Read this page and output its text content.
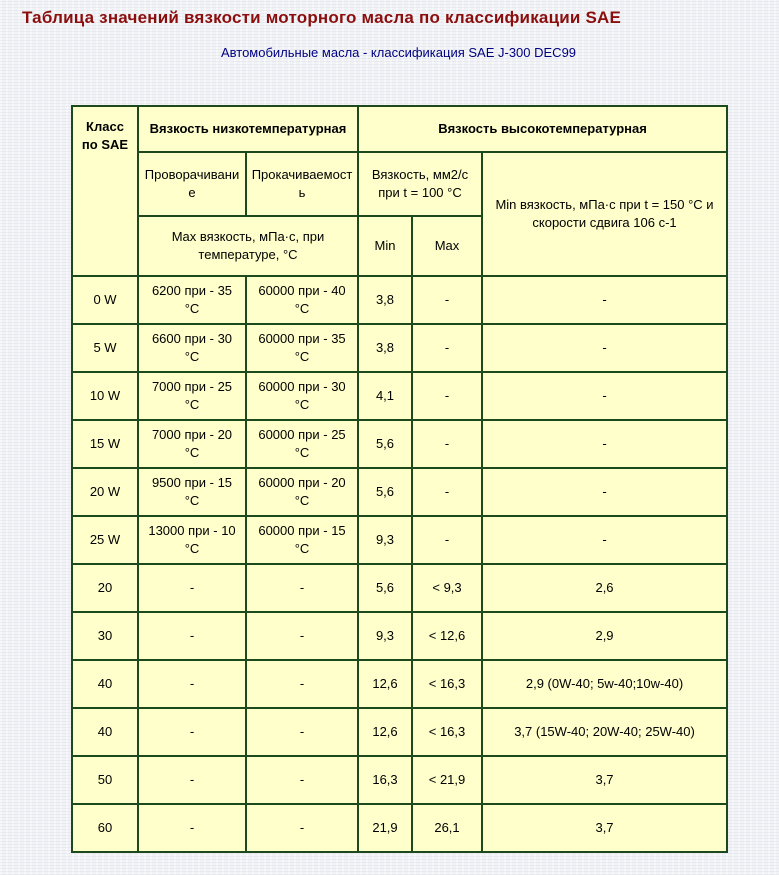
Таблица значений вязкости моторного масла по классификации SAE
Автомобильные масла - классификация SAE J-300 DEC99
Класс по SAE	Вязкость низкотемпературная		Вязкость высокотемпературная		
	Проворачивание	Прокачиваемость	Вязкость, мм2/с при t = 100 °C		Min вязкость, мПа·с при t = 150 °C и скорости сдвига 106 с-1
	Max вязкость, мПа·с, при температуре, °C		Min	Max	
0 W	6200 при - 35 °C	60000 при - 40 °C	3,8	-	-
5 W	6600 при - 30 °C	60000 при - 35 °C	3,8	-	-
10 W	7000 при - 25 °C	60000 при - 30 °C	4,1	-	-
15 W	7000 при - 20 °C	60000 при - 25 °C	5,6	-	-
20 W	9500 при - 15 °C	60000 при - 20 °C	5,6	-	-
25 W	13000 при - 10 °C	60000 при - 15 °C	9,3	-	-
20	-	-	5,6	< 9,3	2,6
30	-	-	9,3	< 12,6	2,9
40	-	-	12,6	< 16,3	2,9 (0W-40; 5w-40;10w-40)
40	-	-	12,6	< 16,3	3,7 (15W-40; 20W-40; 25W-40)
50	-	-	16,3	< 21,9	3,7
60	-	-	21,9	26,1	3,7
